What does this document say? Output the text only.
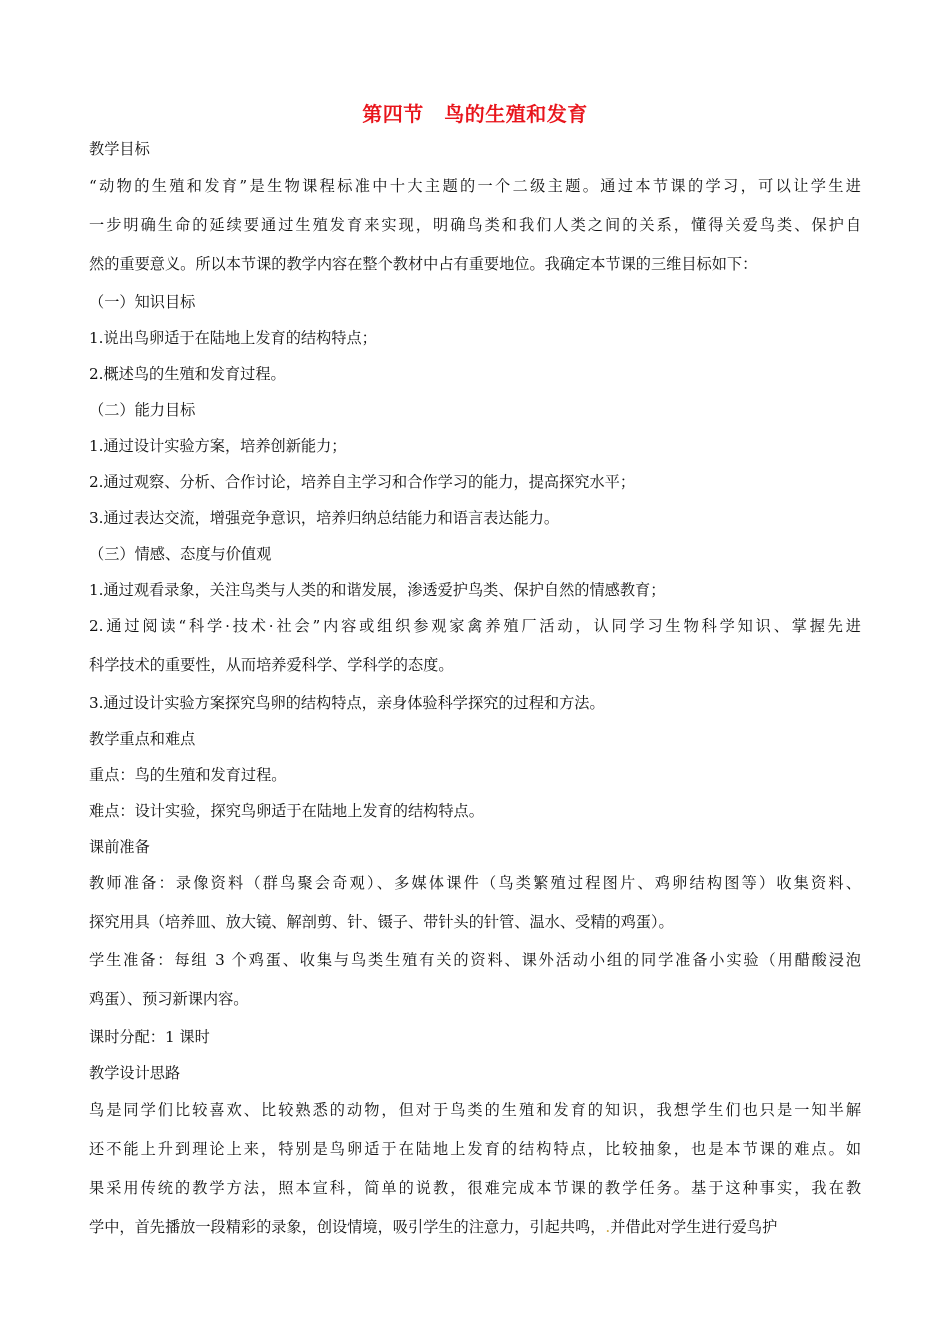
第四节　鸟的生殖和发育
教学目标
“动物的生殖和发育”是生物课程标准中十大主题的一个二级主题。通过本节课的学习，可以让学生进
一步明确生命的延续要通过生殖发育来实现，明确鸟类和我们人类之间的关系，懂得关爱鸟类、保护自
然的重要意义。所以本节课的教学内容在整个教材中占有重要地位。我确定本节课的三维目标如下：
（一）知识目标
1.说出鸟卵适于在陆地上发育的结构特点；
2.概述鸟的生殖和发育过程。
（二）能力目标
1.通过设计实验方案，培养创新能力；
2.通过观察、分析、合作讨论，培养自主学习和合作学习的能力，提高探究水平；
3.通过表达交流，增强竞争意识，培养归纳总结能力和语言表达能力。
（三）情感、态度与价值观
1.通过观看录象，关注鸟类与人类的和谐发展，渗透爱护鸟类、保护自然的情感教育；
2.通过阅读“科学·技术·社会”内容或组织参观家禽养殖厂活动，认同学习生物科学知识、掌握先进
科学技术的重要性，从而培养爱科学、学科学的态度。
3.通过设计实验方案探究鸟卵的结构特点，亲身体验科学探究的过程和方法。
教学重点和难点
重点：鸟的生殖和发育过程。
难点：设计实验，探究鸟卵适于在陆地上发育的结构特点。
课前准备
教师准备：录像资料（群鸟聚会奇观）、多媒体课件（鸟类繁殖过程图片、鸡卵结构图等）收集资料、
探究用具（培养皿、放大镜、解剖剪、针、镊子、带针头的针管、温水、受精的鸡蛋）。
学生准备：每组 3 个鸡蛋、收集与鸟类生殖有关的资料、课外活动小组的同学准备小实验（用醋酸浸泡
鸡蛋）、预习新课内容。
课时分配：1 课时
教学设计思路
鸟是同学们比较喜欢、比较熟悉的动物，但对于鸟类的生殖和发育的知识，我想学生们也只是一知半解
还不能上升到理论上来，特别是鸟卵适于在陆地上发育的结构特点，比较抽象，也是本节课的难点。如
果采用传统的教学方法，照本宣科，简单的说教，很难完成本节课的教学任务。基于这种事实，我在教
学中，首先播放一段精彩的录象，创设情境，吸引学生的注意力，引起共鸣，.并借此对学生进行爱鸟护
